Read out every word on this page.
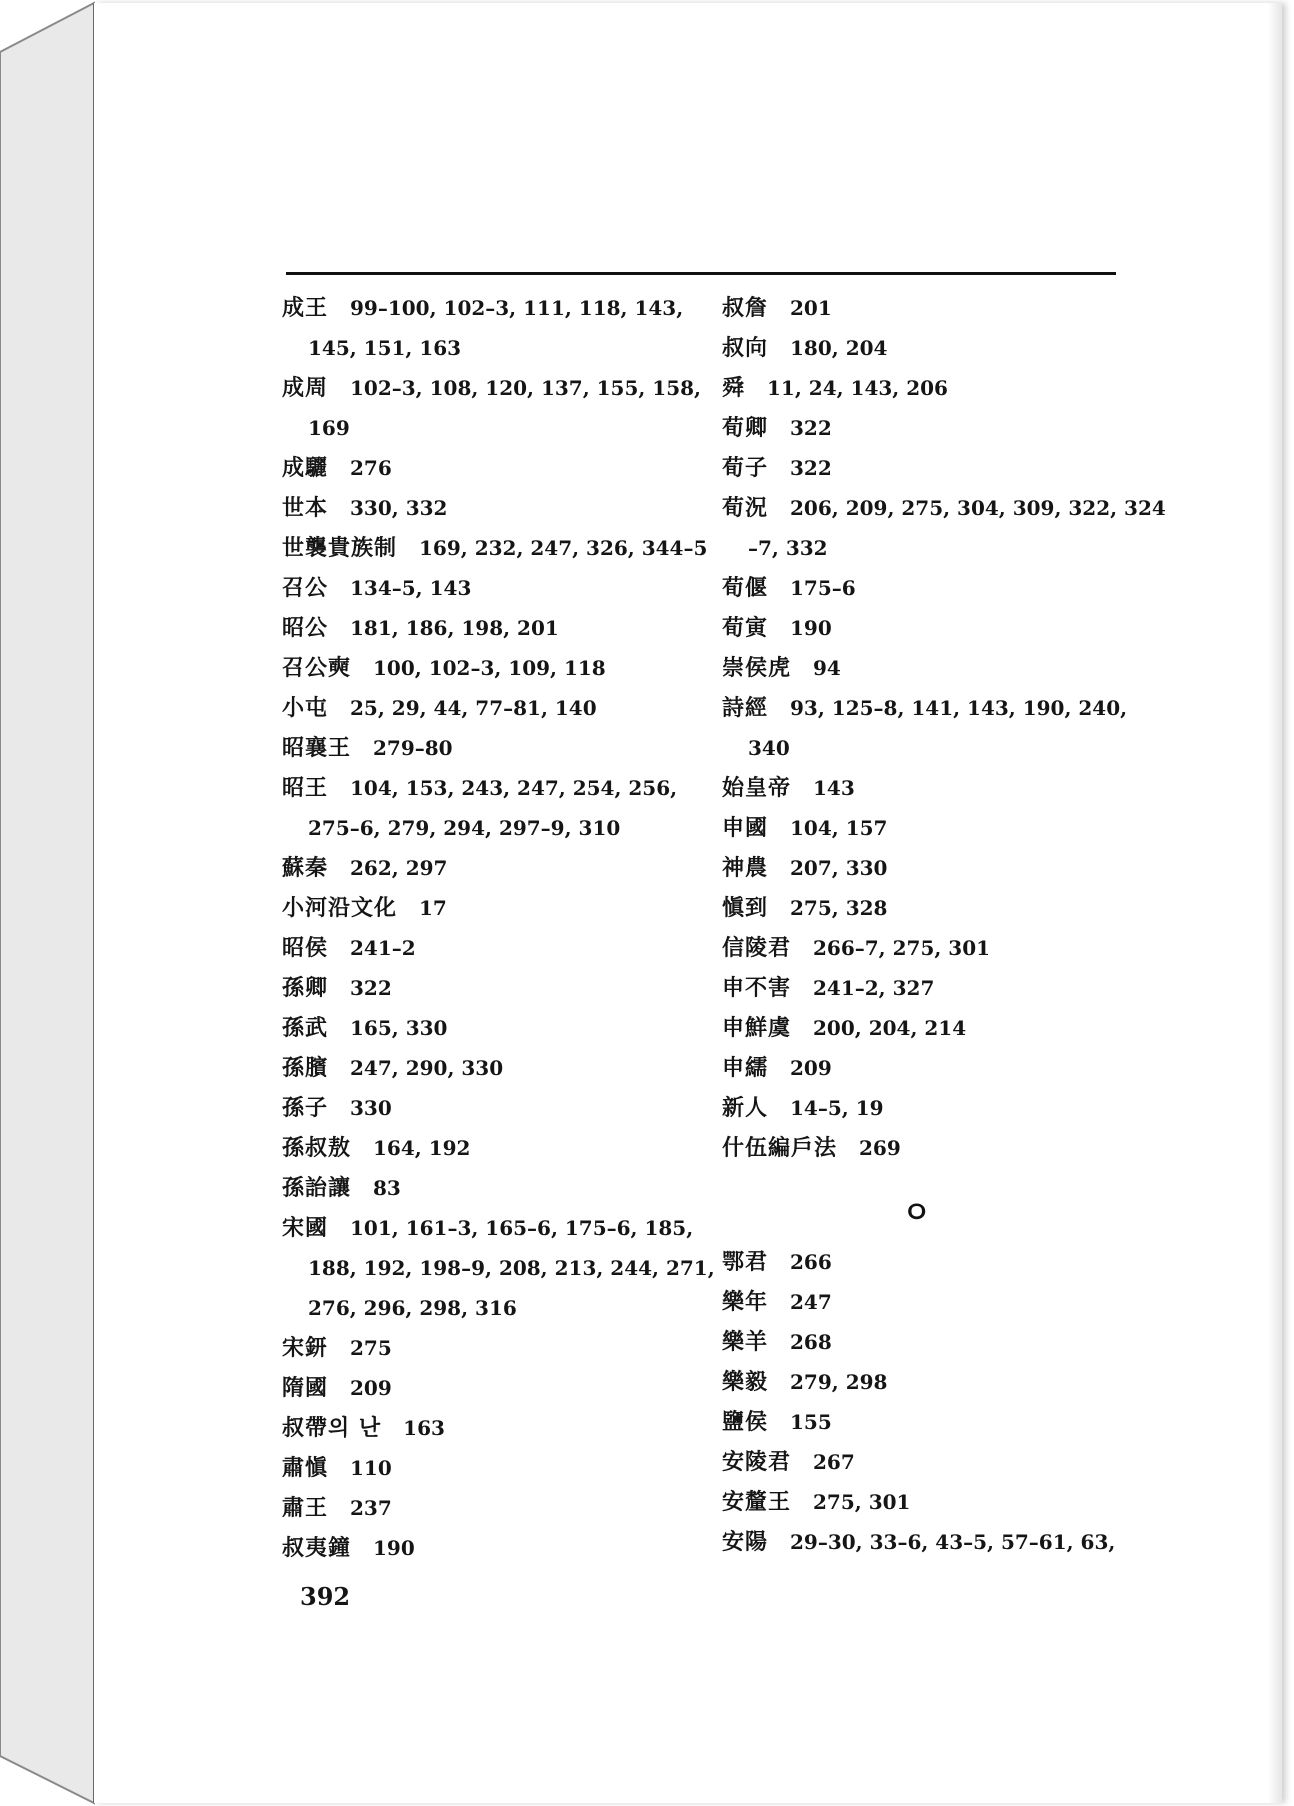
成王 99–100, 102–3, 111, 118, 143,
145, 151, 163
成周 102–3, 108, 120, 137, 155, 158,
169
成驪 276
世本 330, 332
世襲貴族制 169, 232, 247, 326, 344–5
召公 134–5, 143
昭公 181, 186, 198, 201
召公奭 100, 102–3, 109, 118
小屯 25, 29, 44, 77–81, 140
昭襄王 279–80
昭王 104, 153, 243, 247, 254, 256,
275–6, 279, 294, 297–9, 310
蘇秦 262, 297
小河沿文化 17
昭侯 241–2
孫卿 322
孫武 165, 330
孫臏 247, 290, 330
孫子 330
孫叔敖 164, 192
孫詒讓 83
宋國 101, 161–3, 165–6, 175–6, 185,
188, 192, 198–9, 208, 213, 244, 271,
276, 296, 298, 316
宋鈃 275
隋國 209
叔帶의 난 163
肅愼 110
肅王 237
叔夷鐘 190
叔詹 201
叔向 180, 204
舜 11, 24, 143, 206
荀卿 322
荀子 322
荀況 206, 209, 275, 304, 309, 322, 324
–7, 332
荀偃 175–6
荀寅 190
崇侯虎 94
詩經 93, 125–8, 141, 143, 190, 240,
340
始皇帝 143
申國 104, 157
神農 207, 330
愼到 275, 328
信陵君 266–7, 275, 301
申不害 241–2, 327
申鮮虞 200, 204, 214
申繻 209
新人 14–5, 19
什伍編戶法 269
ㅇ
鄂君 266
樂年 247
樂羊 268
樂毅 279, 298
鹽侯 155
安陵君 267
安釐王 275, 301
安陽 29–30, 33–6, 43–5, 57–61, 63,
392
